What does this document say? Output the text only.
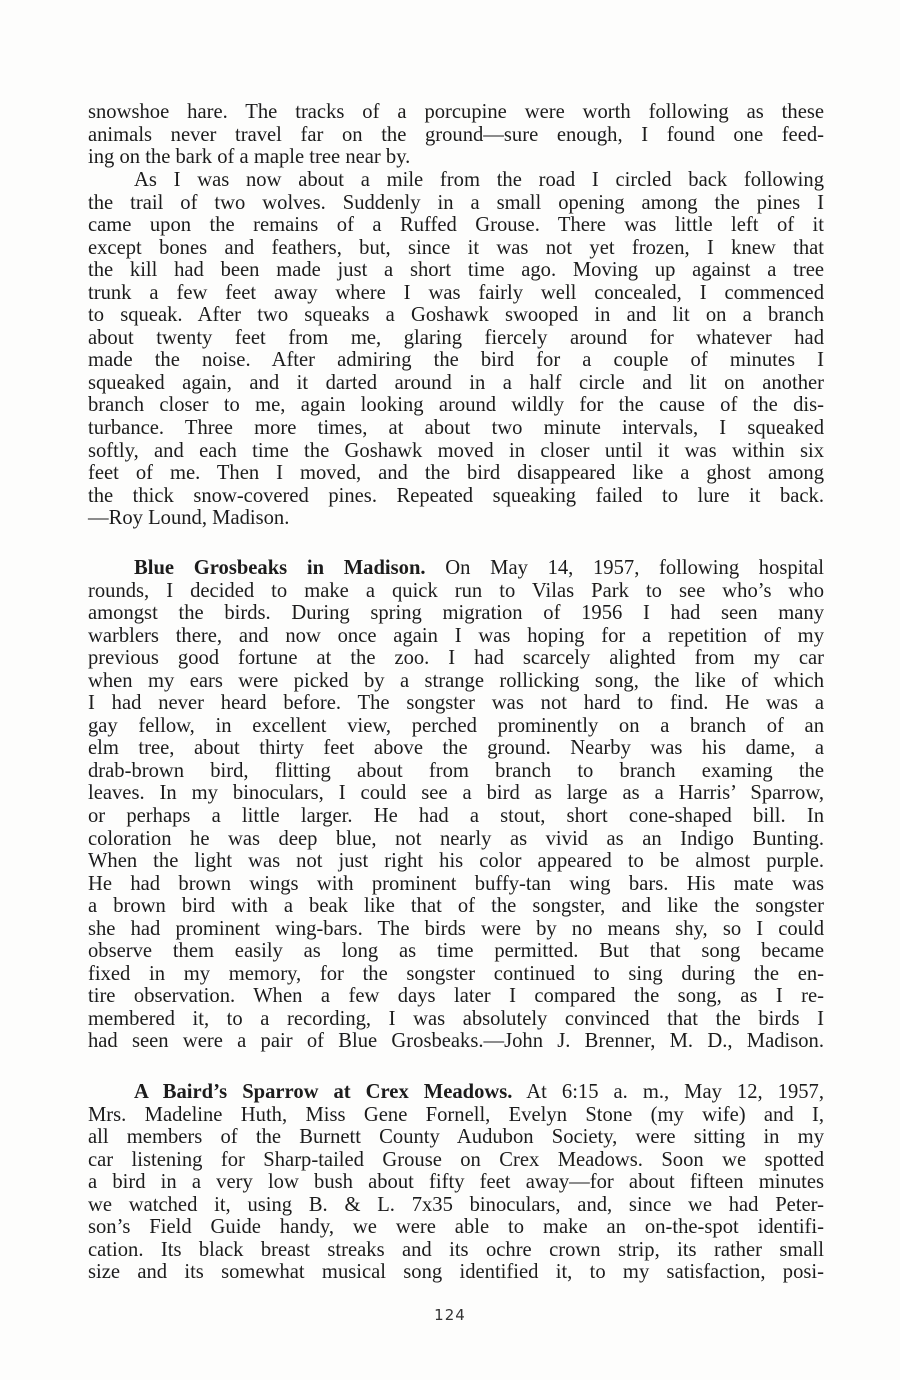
snowshoe hare. The tracks of a porcupine were worth following as these
animals never travel far on the ground—sure enough, I found one feed-
ing on the bark of a maple tree near by.
As I was now about a mile from the road I circled back following
the trail of two wolves. Suddenly in a small opening among the pines I
came upon the remains of a Ruffed Grouse. There was little left of it
except bones and feathers, but, since it was not yet frozen, I knew that
the kill had been made just a short time ago. Moving up against a tree
trunk a few feet away where I was fairly well concealed, I commenced
to squeak. After two squeaks a Goshawk swooped in and lit on a branch
about twenty feet from me, glaring fiercely around for whatever had
made the noise. After admiring the bird for a couple of minutes I
squeaked again, and it darted around in a half circle and lit on another
branch closer to me, again looking around wildly for the cause of the dis-
turbance. Three more times, at about two minute intervals, I squeaked
softly, and each time the Goshawk moved in closer until it was within six
feet of me. Then I moved, and the bird disappeared like a ghost among
the thick snow-covered pines. Repeated squeaking failed to lure it back.
—Roy Lound, Madison.
Blue Grosbeaks in Madison. On May 14, 1957, following hospital
rounds, I decided to make a quick run to Vilas Park to see who’s who
amongst the birds. During spring migration of 1956 I had seen many
warblers there, and now once again I was hoping for a repetition of my
previous good fortune at the zoo. I had scarcely alighted from my car
when my ears were picked by a strange rollicking song, the like of which
I had never heard before. The songster was not hard to find. He was a
gay fellow, in excellent view, perched prominently on a branch of an
elm tree, about thirty feet above the ground. Nearby was his dame, a
drab-brown bird, flitting about from branch to branch examing the
leaves. In my binoculars, I could see a bird as large as a Harris’ Sparrow,
or perhaps a little larger. He had a stout, short cone-shaped bill. In
coloration he was deep blue, not nearly as vivid as an Indigo Bunting.
When the light was not just right his color appeared to be almost purple.
He had brown wings with prominent buffy-tan wing bars. His mate was
a brown bird with a beak like that of the songster, and like the songster
she had prominent wing-bars. The birds were by no means shy, so I could
observe them easily as long as time permitted. But that song became
fixed in my memory, for the songster continued to sing during the en-
tire observation. When a few days later I compared the song, as I re-
membered it, to a recording, I was absolutely convinced that the birds I
had seen were a pair of Blue Grosbeaks.—John J. Brenner, M. D., Madison.
A Baird’s Sparrow at Crex Meadows. At 6:15 a. m., May 12, 1957,
Mrs. Madeline Huth, Miss Gene Fornell, Evelyn Stone (my wife) and I,
all members of the Burnett County Audubon Society, were sitting in my
car listening for Sharp-tailed Grouse on Crex Meadows. Soon we spotted
a bird in a very low bush about fifty feet away—for about fifteen minutes
we watched it, using B. & L. 7x35 binoculars, and, since we had Peter-
son’s Field Guide handy, we were able to make an on-the-spot identifi-
cation. Its black breast streaks and its ochre crown strip, its rather small
size and its somewhat musical song identified it, to my satisfaction, posi-
124
